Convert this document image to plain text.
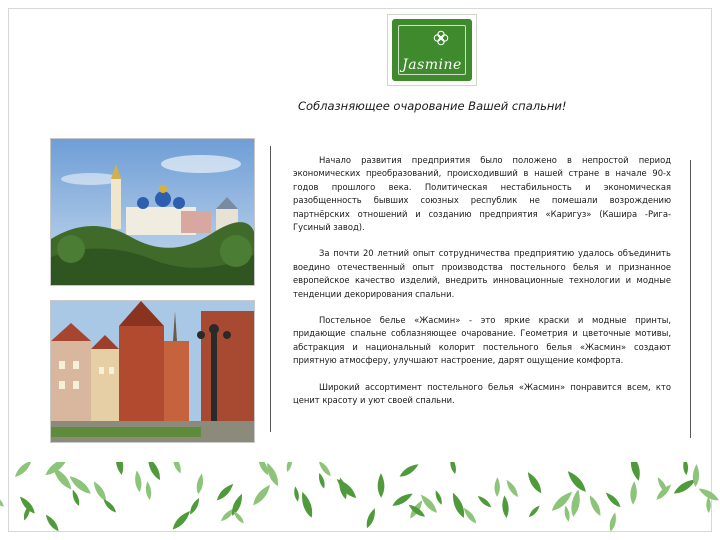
Jasmine
Соблазняющее очарование Вашей спальни!

Начало развития предприятия было положено в непростой период экономических преобразований, происходивший в нашей стране в начале 90-х годов прошлого века. Политическая нестабильность и экономическая разобщенность бывших союзных республик не помешали возрождению партнёрских отношений и созданию предприятия «Каригуз» (Кашира -Рига-Гусиный завод).

За почти 20 летний опыт сотрудничества предприятию удалось объединить воедино отечественный опыт производства постельного белья и признанное европейское качество изделий, внедрить инновационные технологии и модные тенденции декорирования спальни.

Постельное белье «Жасмин» - это яркие краски и модные принты, придающие спальне соблазняющее очарование. Геометрия и цветочные мотивы, абстракция и национальный колорит постельного белья «Жасмин» создают приятную атмосферу, улучшают настроение, дарят ощущение комфорта.

Широкий ассортимент постельного белья «Жасмин» понравится всем, кто ценит красоту и уют своей спальни.
